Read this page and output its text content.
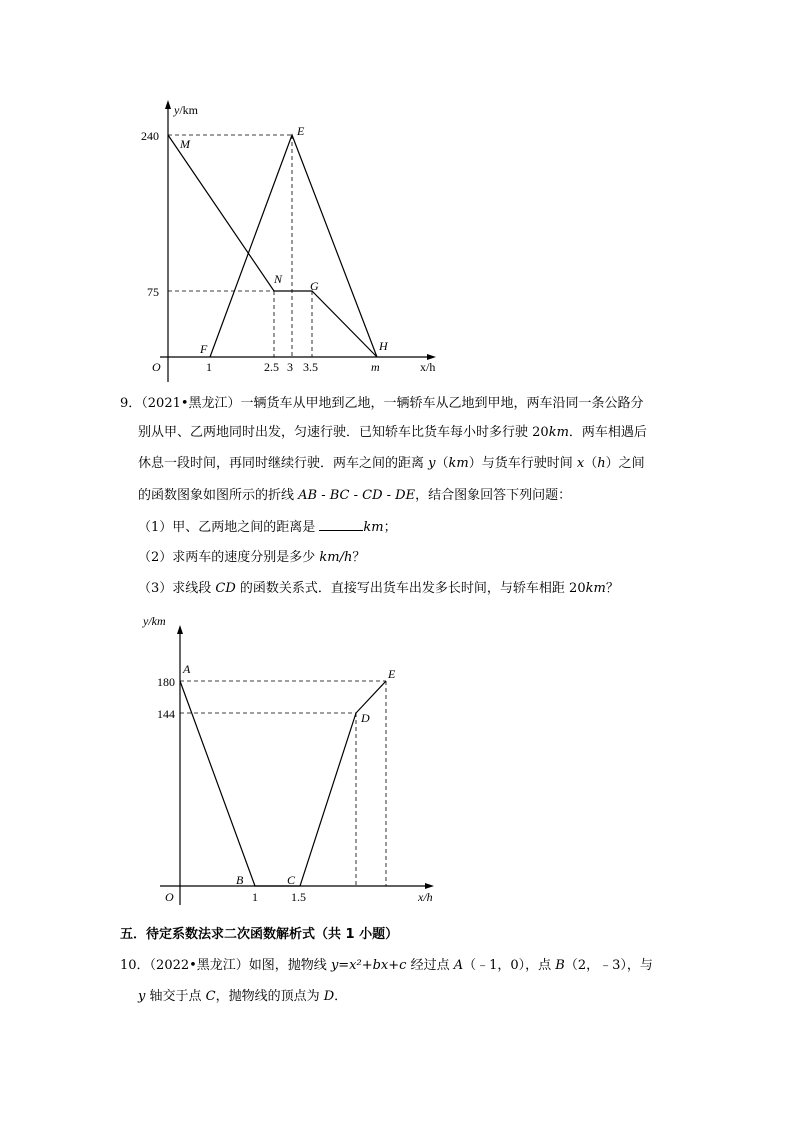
y/km
240
75
O	1	2.5 3 3.5	x/h
M
E
N G
F	H
m
9．（2021•黑龙江）一辆货车从甲地到乙地，一辆轿车从乙地到甲地，两车沿同一条公路分
别从甲、乙两地同时出发，匀速行驶．已知轿车比货车每小时多行驶 20km．两车相遇后
休息一段时间，再同时继续行驶．两车之间的距离 y（km）与货车行驶时间 x（h）之间
的函数图象如图所示的折线 AB - BC - CD - DE，结合图象回答下列问题：
（1）甲、乙两地之间的距离是	km；
（2）求两车的速度分别是多少 km/h？
（3）求线段 CD 的函数关系式．直接写出货车出发多长时间，与轿车相距 20km？
y/km
180
144
O	1	1.5	x/h
A
B	C
D
E
五．待定系数法求二次函数解析式（共 1 小题）
10．（2022•黑龙江）如图，抛物线 y=x²+bx+c 经过点 A（﹣1，0），点 B（2，﹣3），与
y 轴交于点 C，抛物线的顶点为 D．
